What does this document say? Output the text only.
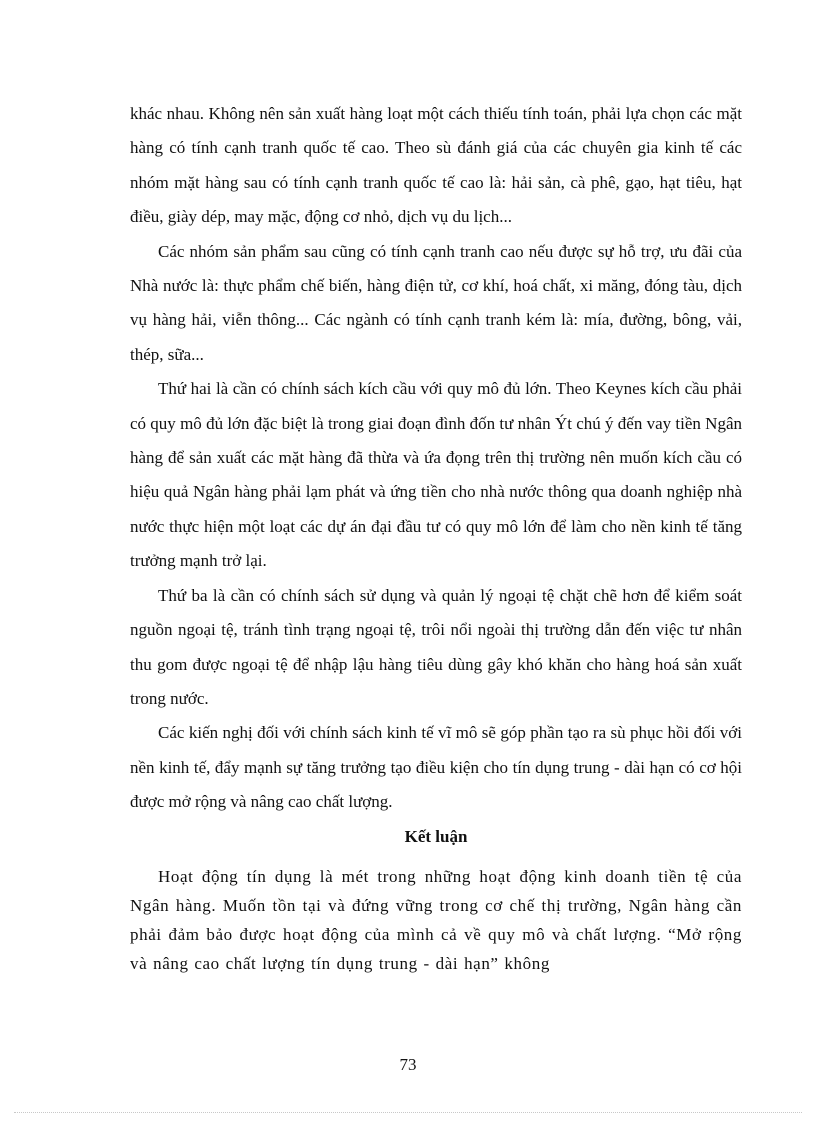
khác nhau. Không nên sản xuất hàng loạt một cách thiếu tính toán, phải lựa chọn các mặt hàng có tính cạnh tranh quốc tế cao. Theo sù đánh giá của các chuyên gia kinh tế các nhóm mặt hàng sau có tính cạnh tranh quốc tế cao là: hải sản, cà phê, gạo, hạt tiêu, hạt điều, giày dép, may mặc, động cơ nhỏ, dịch vụ du lịch...

Các nhóm sản phẩm sau cũng có tính cạnh tranh cao nếu được sự hỗ trợ, ưu đãi của Nhà nước là: thực phẩm chế biến, hàng điện tử, cơ khí, hoá chất, xi măng, đóng tàu, dịch vụ hàng hải, viễn thông... Các ngành có tính cạnh tranh kém là: mía, đường, bông, vải, thép, sữa...

Thứ hai là cần có chính sách kích cầu với quy mô đủ lớn. Theo Keynes kích cầu phải có quy mô đủ lớn đặc biệt là trong giai đoạn đình đốn tư nhân Ýt chú ý đến vay tiền Ngân hàng để sản xuất các mặt hàng đã thừa và ứa đọng trên thị trường nên muốn kích cầu có hiệu quả Ngân hàng phải lạm phát và ứng tiền cho nhà nước thông qua doanh nghiệp nhà nước thực hiện một loạt các dự án đại đầu tư có quy mô lớn để làm cho nền kinh tế tăng trưởng mạnh trở lại.

Thứ ba là cần có chính sách sử dụng và quản lý ngoại tệ chặt chẽ hơn để kiểm soát nguồn ngoại tệ, tránh tình trạng ngoại tệ, trôi nổi ngoài thị trường dẫn đến việc tư nhân thu gom được ngoại tệ để nhập lậu hàng tiêu dùng gây khó khăn cho hàng hoá sản xuất trong nước.

Các kiến nghị đối với chính sách kinh tế vĩ mô sẽ góp phần tạo ra sù phục hồi đối với nền kinh tế, đẩy mạnh sự tăng trưởng tạo điều kiện cho tín dụng trung - dài hạn có cơ hội được mở rộng và nâng cao chất lượng.

Kết luận

Hoạt động tín dụng là mét trong những hoạt động kinh doanh tiền tệ của Ngân hàng. Muốn tồn tại và đứng vững trong cơ chế thị trường, Ngân hàng cần phải đảm bảo được hoạt động của mình cả về quy mô và chất lượng. “Mở rộng và nâng cao chất lượng tín dụng trung - dài hạn” không

73
